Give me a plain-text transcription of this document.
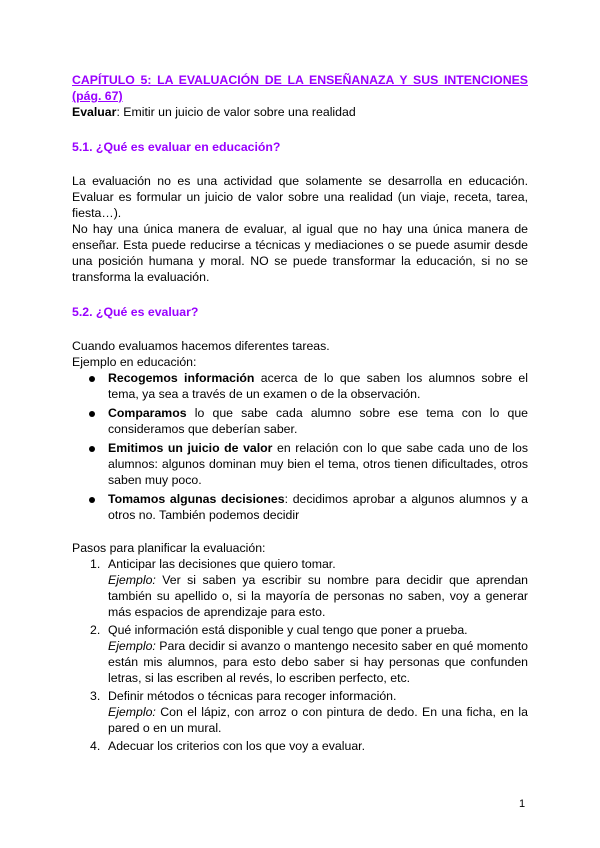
CAPÍTULO 5: LA EVALUACIÓN DE LA ENSEÑANAZA Y SUS INTENCIONES (pág. 67)

Evaluar: Emitir un juicio de valor sobre una realidad

5.1. ¿Qué es evaluar en educación?

La evaluación no es una actividad que solamente se desarrolla en educación. Evaluar es formular un juicio de valor sobre una realidad (un viaje, receta, tarea, fiesta…).

No hay una única manera de evaluar, al igual que no hay una única manera de enseñar. Esta puede reducirse a técnicas y mediaciones o se puede asumir desde una posición humana y moral. NO se puede transformar la educación, si no se transforma la evaluación.

5.2. ¿Qué es evaluar?

Cuando evaluamos hacemos diferentes tareas.

Ejemplo en educación:

Recogemos información acerca de lo que saben los alumnos sobre el tema, ya sea a través de un examen o de la observación.
Comparamos lo que sabe cada alumno sobre ese tema con lo que consideramos que deberían saber.
Emitimos un juicio de valor en relación con lo que sabe cada uno de los alumnos: algunos dominan muy bien el tema, otros tienen dificultades, otros saben muy poco.
Tomamos algunas decisiones: decidimos aprobar a algunos alumnos y a otros no. También podemos decidir

Pasos para planificar la evaluación:

1. Anticipar las decisiones que quiero tomar.
Ejemplo: Ver si saben ya escribir su nombre para decidir que aprendan también su apellido o, si la mayoría de personas no saben, voy a generar más espacios de aprendizaje para esto.
2. Qué información está disponible y cual tengo que poner a prueba.
Ejemplo: Para decidir si avanzo o mantengo necesito saber en qué momento están mis alumnos, para esto debo saber si hay personas que confunden letras, si las escriben al revés, lo escriben perfecto, etc.
3. Definir métodos o técnicas para recoger información.
Ejemplo: Con el lápiz, con arroz o con pintura de dedo. En una ficha, en la pared o en un mural.
4. Adecuar los criterios con los que voy a evaluar.
1
